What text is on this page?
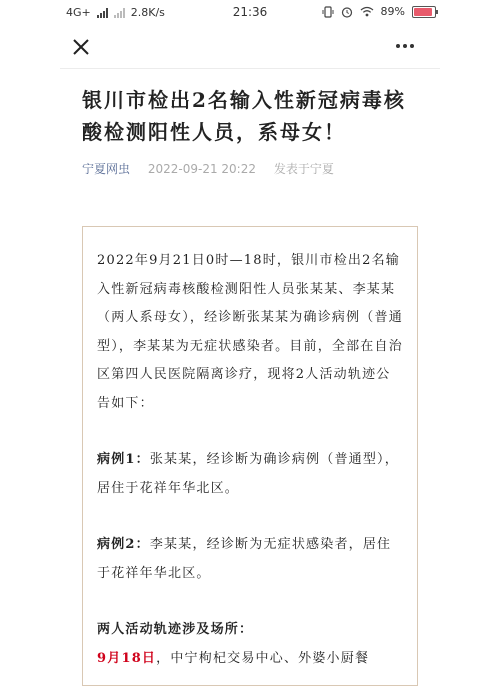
4G+	2.8K/s	21:36	89%
银川市检出2名输入性新冠病毒核酸检测阳性人员，系母女！
宁夏网虫 2022-09-21 20:22 发表于宁夏

2022年9月21日0时—18时，银川市检出2名输入性新冠病毒核酸检测阳性人员张某某、李某某（两人系母女），经诊断张某某为确诊病例（普通型），李某某为无症状感染者。目前，全部在自治区第四人民医院隔离诊疗，现将2人活动轨迹公告如下：

病例1：张某某，经诊断为确诊病例（普通型），居住于花祥年华北区。

病例2：李某某，经诊断为无症状感染者，居住于花祥年华北区。

两人活动轨迹涉及场所：

9月18日，中宁枸杞交易中心、外婆小厨餐
